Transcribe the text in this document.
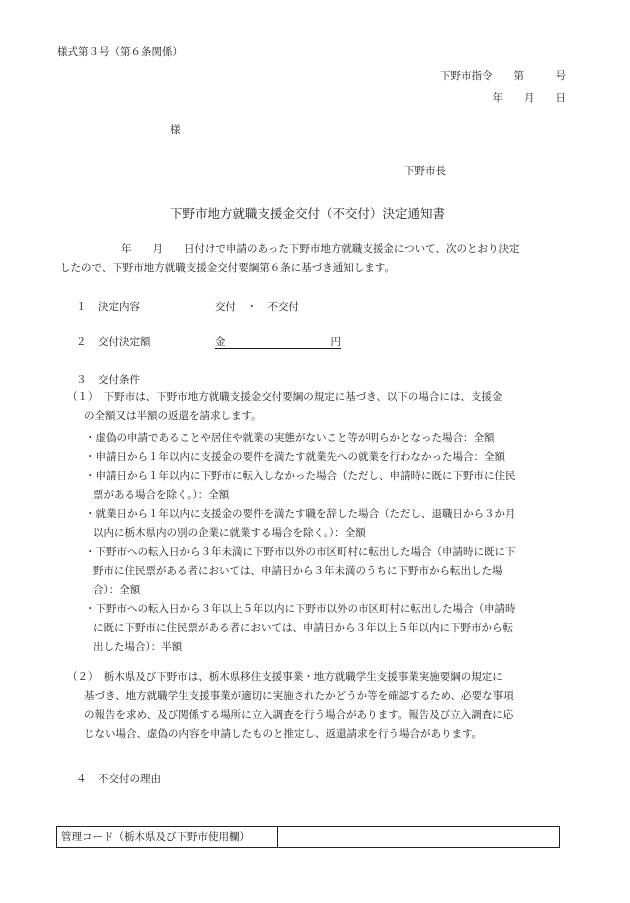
様式第３号（第６条関係）
下野市指令　　第　　　号
年　　月　　日
様
下野市長
下野市地方就職支援金交付（不交付）決定通知書
年　　月　　日付けで申請のあった下野市地方就職支援金について、次のとおり決定
したので、下野市地方就職支援金交付要綱第６条に基づき通知します。
１ 決定内容	交付　・　不交付
２ 交付決定額	金　　　　　　　　　　円
３ 交付条件
（１）　下野市は、下野市地方就職支援金交付要綱の規定に基づき、以下の場合には、支援金
の全額又は半額の返還を請求します。
・虚偽の申請であることや居住や就業の実態がないこと等が明らかとなった場合：全額
・申請日から１年以内に支援金の要件を満たす就業先への就業を行わなかった場合：全額
・申請日から１年以内に下野市に転入しなかった場合（ただし、申請時に既に下野市に住民
票がある場合を除く。）：全額
・就業日から１年以内に支援金の要件を満たす職を辞した場合（ただし、退職日から３か月
以内に栃木県内の別の企業に就業する場合を除く。）：全額
・下野市への転入日から３年未満に下野市以外の市区町村に転出した場合（申請時に既に下
野市に住民票がある者においては、申請日から３年未満のうちに下野市から転出した場
合）：全額
・下野市への転入日から３年以上５年以内に下野市以外の市区町村に転出した場合（申請時
に既に下野市に住民票がある者においては、申請日から３年以上５年以内に下野市から転
出した場合）：半額
（２）　栃木県及び下野市は、栃木県移住支援事業・地方就職学生支援事業実施要綱の規定に
基づき、地方就職学生支援事業が適切に実施されたかどうか等を確認するため、必要な事項
の報告を求め、及び関係する場所に立入調査を行う場合があります。報告及び立入調査に応
じない場合、虚偽の内容を申請したものと推定し、返還請求を行う場合があります。
４ 不交付の理由
管理コード（栃木県及び下野市使用欄）
